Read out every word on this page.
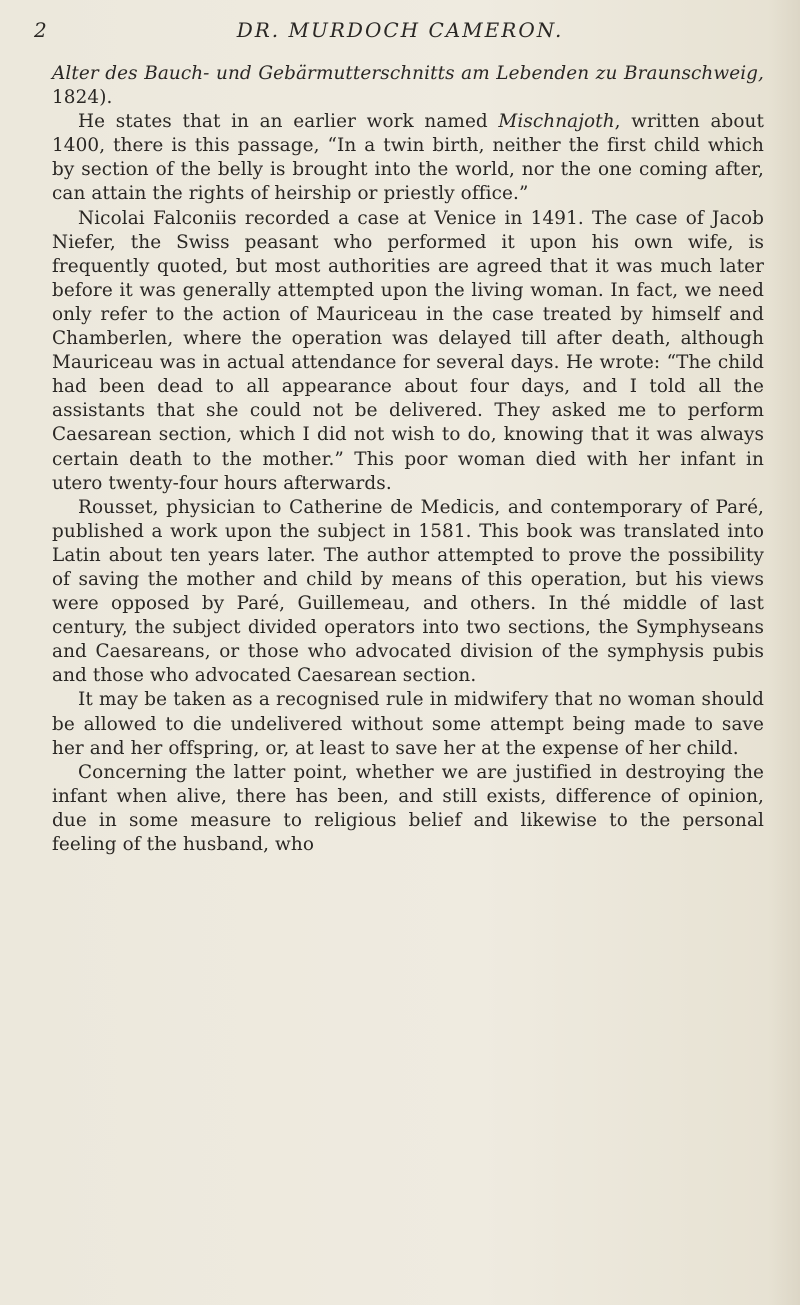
2	DR. MURDOCH CAMERON.

Alter des Bauch- und Gebärmutterschnitts am Lebenden zu Braunschweig, 1824).

He states that in an earlier work named Mischnajoth, written about 1400, there is this passage, “In a twin birth, neither the first child which by section of the belly is brought into the world, nor the one coming after, can attain the rights of heirship or priestly office.”

Nicolai Falconiis recorded a case at Venice in 1491. The case of Jacob Niefer, the Swiss peasant who performed it upon his own wife, is frequently quoted, but most authorities are agreed that it was much later before it was generally attempted upon the living woman. In fact, we need only refer to the action of Mauriceau in the case treated by himself and Chamberlen, where the operation was delayed till after death, although Mauriceau was in actual attendance for several days. He wrote: “The child had been dead to all appearance about four days, and I told all the assistants that she could not be delivered. They asked me to perform Caesarean section, which I did not wish to do, knowing that it was always certain death to the mother.” This poor woman died with her infant in utero twenty-four hours afterwards.

Rousset, physician to Catherine de Medicis, and contemporary of Paré, published a work upon the subject in 1581. This book was translated into Latin about ten years later. The author attempted to prove the possibility of saving the mother and child by means of this operation, but his views were opposed by Paré, Guillemeau, and others. In thé middle of last century, the subject divided operators into two sections, the Symphyseans and Caesareans, or those who advocated division of the symphysis pubis and those who advocated Caesarean section.

It may be taken as a recognised rule in midwifery that no woman should be allowed to die undelivered without some attempt being made to save her and her offspring, or, at least to save her at the expense of her child.

Concerning the latter point, whether we are justified in destroying the infant when alive, there has been, and still exists, difference of opinion, due in some measure to religious belief and likewise to the personal feeling of the husband, who
